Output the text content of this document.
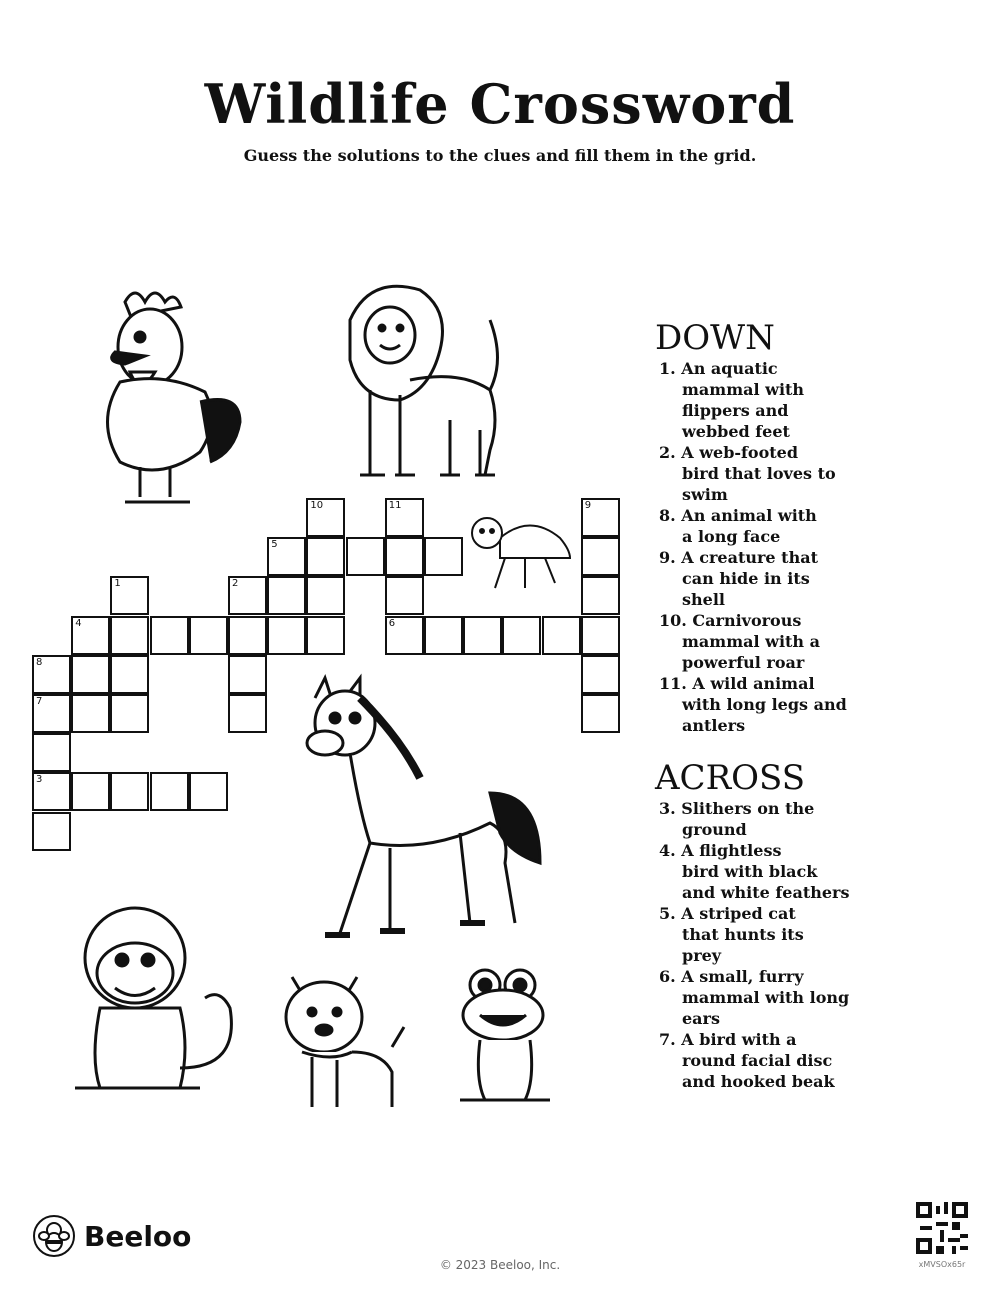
Wildlife Crossword
Guess the solutions to the clues and fill them in the grid.
10	11	9
5
1	2
4	6
8
7
3
DOWN
1. An aquatic
mammal with
flippers and
webbed feet
2. A web-footed
bird that loves to
swim
8. An animal with
a long face
9. A creature that
can hide in its
shell
10. Carnivorous
mammal with a
powerful roar
11. A wild animal
with long legs and
antlers
ACROSS
3. Slithers on the
ground
4. A flightless
bird with black
and white feathers
5. A striped cat
that hunts its
prey
6. A small, furry
mammal with long
ears
7. A bird with a
round facial disc
and hooked beak
Beeloo
© 2023 Beeloo, Inc.	xMVSOx65r
